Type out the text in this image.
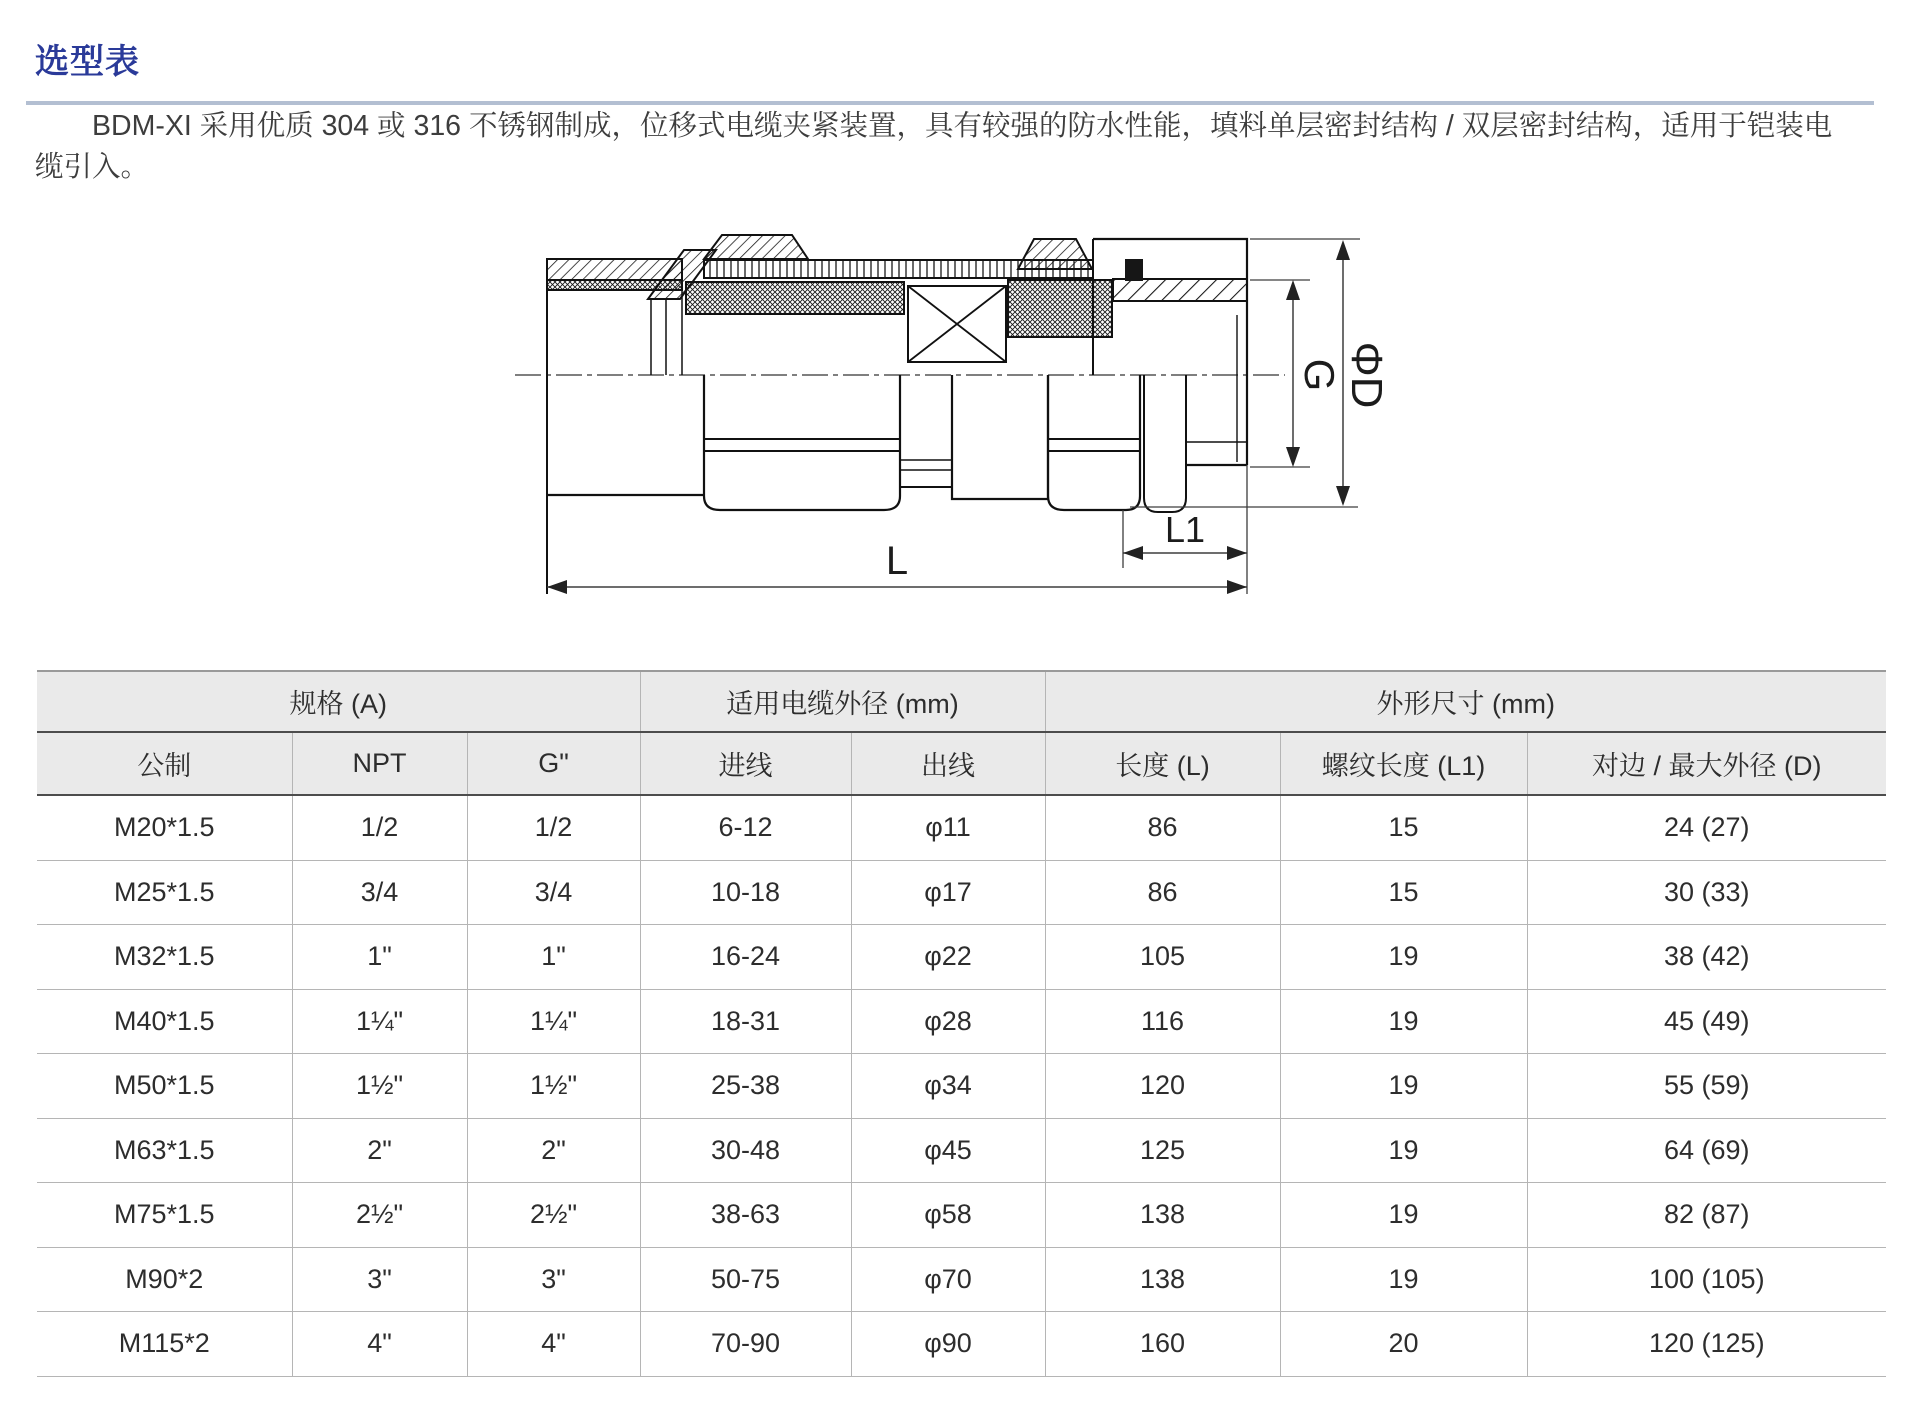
选型表

BDM-XI 采用优质 304 或 316 不锈钢制成，位移式电缆夹紧装置，具有较强的防水性能，填料单层密封结构 / 双层密封结构，适用于铠装电缆引入。

L
L1
G ΦD
规格 (A)			适用电缆外径 (mm)		外形尺寸 (mm)		
公制	NPT	G"	进线	出线	长度 (L)	螺纹长度 (L1)	对边 / 最大外径 (D)
M20*1.5	1/2	1/2	6-12	φ11	86	15	24 (27)
M25*1.5	3/4	3/4	10-18	φ17	86	15	30 (33)
M32*1.5	1"	1"	16-24	φ22	105	19	38 (42)
M40*1.5	1¼"	1¼"	18-31	φ28	116	19	45 (49)
M50*1.5	1½"	1½"	25-38	φ34	120	19	55 (59)
M63*1.5	2"	2"	30-48	φ45	125	19	64 (69)
M75*1.5	2½"	2½"	38-63	φ58	138	19	82 (87)
M90*2	3"	3"	50-75	φ70	138	19	100 (105)
M115*2	4"	4"	70-90	φ90	160	20	120 (125)
